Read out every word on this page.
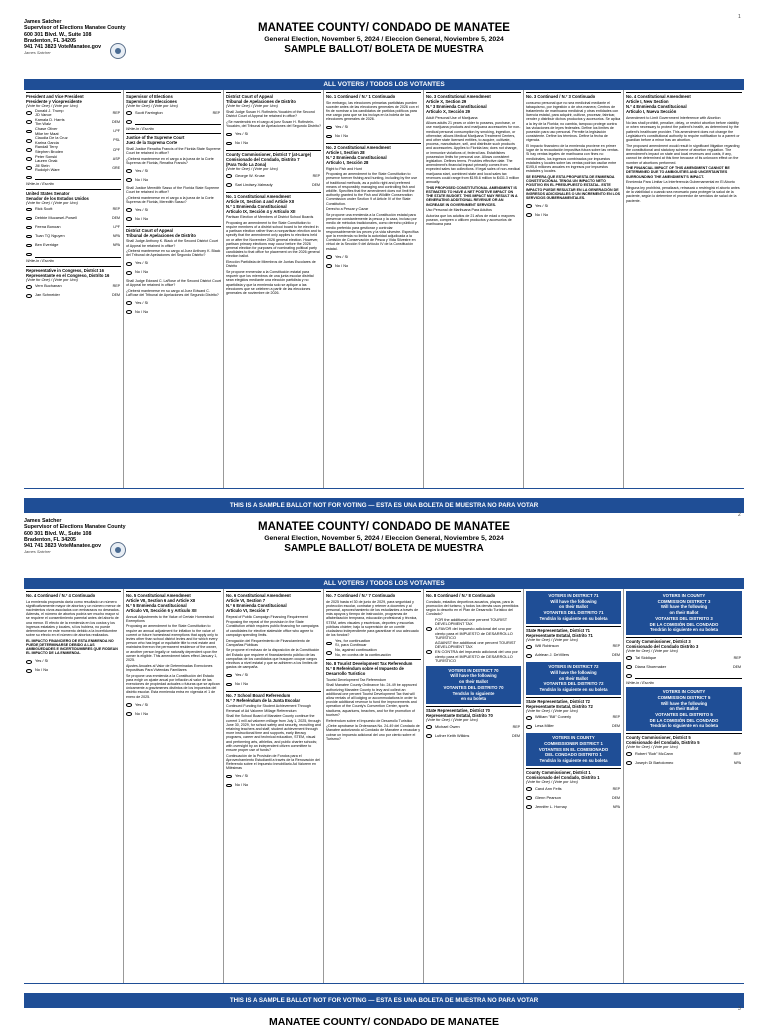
1
James Satcher
Supervisor of Elections Manatee County
600 301 Blvd. W., Suite 108
Bradenton, FL 34205
941 741 3823 VoteManatee.gov
James Satcher
MANATEE COUNTY/ CONDADO DE MANATEE
General Election, November 5, 2024 / Eleccion General, Noviembre 5, 2024
SAMPLE BALLOT/ BOLETA DE MUESTRA
ALL VOTERS / TODOS LOS VOTANTES
President and Vice President
Presidente y Vicepresidente
(Vote for One) / (Vote por Uno)
Donald J. Trump
JD Vance	REP
Kamala D. Harris
Tim Walz	DEM
Chase Oliver
Mike ter Maat	LPF
Claudia De la Cruz
Karina Garcia	PSL
Randall Terry
Stephen Broden	CPF
Peter Sonski
Lauren Onak	ASP
Jill Stein
Rudolph Ware	GRE
Write-in / Escrito
United States Senator
Senador de los Estados Unidos
(Vote for One) / (Vote por Uno)
Rick Scott	REP
Debbie Mucarsel-Powell	DEM
Feena Bonoan	LPF
Tuan TQ Nguyen	NPA
Ben Everidge	NPA
Write-in / Escrito
Representative in Congress, District 16
Representante en el Congreso, Distrito 16
(Vote for One) / (Vote por Uno)
Vern Buchanan	REP
Jan Schneider	DEM
Supervisor of Elections
Supervisor de Elecciones
(Vote for One) / (Vote por Uno)
Scott Farrington	REP
Write-in / Escrito
Justice of the Supreme Court
Juez de la Suprema Corte
Shall Justice Renatha Francis of the Florida State Supreme Court be retained in office?
¿Deberá mantenerse en el cargo a la jueza de la Corte Suprema de Florida, Renatha Francis?
Yes / Sí
No / No
Shall Justice Meredith Sasso of the Florida State Supreme Court be retained in office?
¿Deberá mantenerse en el cargo a la jueza de la Corte Suprema de Florida, Meredith Sasso?
Yes / Sí
No / No
District Court of Appeal
Tribunal de Apelaciones de Distrito
Shall Judge Anthony K. Black of the Second District Court of Appeal be retained in office?
¿Deberá mantenerse en su cargo al Juez Anthony K. Black del Tribunal de Apelaciones del Segundo Distrito?
Yes / Sí
No / No
Shall Judge Edward C. LaRose of the Second District Court of Appeal be retained in office?
¿Deberá mantenerse en su cargo al Juez Edward C. LaRose del Tribunal de Apelaciones del Segundo Distrito?
Yes / Sí
No / No
District Court of Appeal
Tribunal de Apelaciones de Distrito
(Vote for One) / (Vote por Uno)
Shall Judge Susan H. Rothstein-Youakim of the Second District Court of Appeal be retained in office?
¿Se mantendrá en el cargo al juez Susan H. Rothstein-Youakim, del Tribunal de Apelaciones del Segundo Distrito?
Yes / Sí
No / No
County Commissioner, District 7 (at-Large)
Comisionado del Condado, Distrito 7
(Para Todo La Zona)
(Vote for One) / (Vote por Uno)
George W. Kruse	REP
Sari Lindsey-Valmady	DEM
No. 1 Constitutional Amendment
Article IX, Section 4 and Article XII
N.º 1 Enmienda Constitucional
Artículo IX, Sección 4 y Artículo XII
Partisan Election of Members of District School Boards
Proposing an amendment to the State Constitution to require members of a district school board to be elected in a partisan election rather than a nonpartisan election and to specify that the amendment only applies to elections held on or after the November 2026 general election. However, partisan primary elections may occur before the 2026 general election for purposes of nominating political party candidates to that office for placement on the 2026 general election ballot.
Elección Partidista de Miembros de Juntas Escolares de Distrito
Se propone enmendar a la Constitución estatal para requerir que los miembros de una junta escolar distrital sean elegidos mediante una elección partidista y no apartidista y que la enmienda solo se aplique a las elecciones que se celebren a partir de las elecciones generales de noviembre de 2026.
No. 1 Continued / N.º 1 Continuado
Sin embargo, las elecciones primarias partidistas pueden suceder antes de las elecciones generales de 2026 con el fin de nominar a los candidatos de partidos políticos para ese cargo para que se los incluya en la boleta de las elecciones generales de 2026.
Yes / Sí
No / No
No. 2 Constitutional Amendment
Article I, Section 28
N.º 2 Enmienda Constitucional
Artículo I, Sección 28
Right to Fish and Hunt
Proposing an amendment to the State Constitution to preserve forever fishing and hunting, including by the use of traditional methods, as a public right and preferred means of responsibly managing and controlling fish and wildlife. Specifies that the amendment does not limit the authority granted to the Fish and Wildlife Conservation Commission under Section 9 of Article IV of the State Constitution.
Derecho a Pescar y Cazar
Se propone una enmienda a la Constitución estatal para preservar constantemente la pesca y la caza, incluso por medio de métodos tradicionales, como derecho público y medio preferido para gestionar y controlar responsablemente los peces y la vida silvestre. Especifica que la enmienda no limita la autoridad adjudicada a la Comisión de Conservación de Pesca y Vida Silvestre en virtud de la Sección 9 del Artículo IV de la Constitución estatal.
Yes / Sí
No / No
No. 3 Constitutional Amendment
Article X, Section 29
N.º 3 Enmienda Constitucional
Artículo X, Sección 29
Adult Personal Use of Marijuana
Allows adults 21 years or older to possess, purchase, or use marijuana products and marijuana accessories for non-medical personal consumption by smoking, ingestion, or otherwise; allows Medical Marijuana Treatment Centers, and other state licensed entities, to acquire, cultivate, process, manufacture, sell, and distribute such products and accessories. Applies to Florida law; does not change, or immunize violations of, federal law. Establishes possession limits for personal use. Allows consistent legislation. Defines terms. Provides effective date. The amendment's financial impact primarily comes from expected sales tax collections. If legal sales of non-medical marijuana start, combined state and local sales tax revenues could range from $195.6 million to $431.3 million annually.
THIS PROPOSED CONSTITUTIONAL AMENDMENT IS ESTIMATED TO HAVE A NET POSITIVE IMPACT ON THE STATE BUDGET. THIS IMPACT MAY RESULT IN A GENERATING ADDITIONAL REVENUE OR AN INCREASE IN GOVERNMENT SERVICES.
Uso Personal de Marihuana Para Adultos
Autoriza que los adultos de 21 años de edad o mayores posean, compren o utilicen productos y accesorios de marihuana para
No. 3 Continued / N.º 3 Continuado
consumo personal que no sea medicinal mediante el tabaquismo, por ingestión o de otra manera; Centros de tratamiento de marihuana medicinal y otras entidades con licencia estatal, para adquirir, cultivar, procesar, fabricar, vender y distribuir dichos productos y accesorios. Se aplica a la ley de la Florida; no cambia, tampoco protege contra las violaciones de leyes federales. Define los límites de posesión para uso personal. Permite la legislación consistente. Define los términos. Define la fecha de vigencia.
El impacto financiero de la enmienda proviene en primer lugar de la recaudación impositiva futura sobre las ventas. Si hay ventas legales de marihuana con fines no medicinales, los ingresos combinados por impuestos estatales y locales sobre las ventas podrían oscilar entre $195,6 millones anuales en ingresos por impuestos estatales y locales.
SE ESPERA QUE ESTA PROPUESTA DE ENMIENDA CONSTITUCIONAL TENGA UN IMPACTO NETO POSITIVO EN EL PRESUPUESTO ESTATAL. ESTE IMPACTO PUEDE RESULTAR EN LA GENERACIÓN DE INGRESOS ADICIONALES O UN INCREMENTO EN LOS SERVICIOS GUBERNAMENTALES.
Yes / Sí
No / No
No. 4 Constitutional Amendment
Article I, New Section
N.º 4 Enmienda Constitucional
Artículo I, Nueva Sección
Amendment to Limit Government Interference with Abortion
No law shall prohibit, penalize, delay, or restrict abortion before viability or when necessary to protect the patient's health, as determined by the patient's healthcare provider. This amendment does not change the Legislature's constitutional authority to require notification to a parent or guardian before a minor has an abortion.
The proposed amendment would result in significant litigation regarding the constitutional and statutory scheme of abortion regulation. The amendment's impact on state and local revenues and costs, if any, cannot be determined at this time because of its unknown effect on the number of abortions performed.
THE FINANCIAL IMPACT OF THIS AMENDMENT CANNOT BE DETERMINED DUE TO AMBIGUITIES AND UNCERTAINTIES SURROUNDING THE AMENDMENT'S IMPACT.
Enmienda Para Limitar La Interferencia Gubernamental en El Aborto
Ninguna ley prohibirá, penalizará, retrasará o restringirá el aborto antes de la viabilidad o cuando sea necesario para proteger la salud de la paciente, según lo determine el proveedor de servicios de salud de la paciente.
THIS IS A SAMPLE BALLOT NOT FOR VOTING — ESTA ES UNA BOLETA DE MUESTRA NO PARA VOTAR
2
James Satcher
Supervisor of Elections Manatee County
600 301 Blvd. W., Suite 108
Bradenton, FL 34205
941 741 3823 VoteManatee.gov
James Satcher
MANATEE COUNTY/ CONDADO DE MANATEE
General Election, November 5, 2024 / Eleccion General, Noviembre 5, 2024
SAMPLE BALLOT/ BOLETA DE MUESTRA
ALL VOTERS / TODOS LOS VOTANTES
No. 4 Continued / N.º 4 Continuado
La enmienda propuesta daría como resultado un número significativamente mayor de abortos y un número menor de nacimientos vivos asociados con embarazos no deseados. Además, el número de abortos podría ser mucho mayor si se requiere el consentimiento parental antes del aborto de una menor. El efecto de la enmienda en los costos y los ingresos estatales y locales, si los hubiera, no puede determinarse en este momento debido a la incertidumbre sobre su efecto en el número de abortos realizados.
EL IMPACTO FINANCIERO DE ESTA ENMIENDA NO PUEDE DETERMINARSE DEBIDO A LAS AMBIGÜEDADES E INCERTIDUMBRES QUE RODEAN EL IMPACTO DE LA ENMIENDA.
Yes / Sí
No / No
No. 5 Constitutional Amendment
Article VII, Section 6 and Article XII
N.º 5 Enmienda Constitucional
Artículo VII, Sección 6 y Artículo XII
Annual Adjustments to the Value of Certain Homestead Exemptions
Proposing an amendment to the State Constitution to require an annual adjustment for inflation to the value of current or future homestead exemptions that apply only to levies other than school district levies and for which every person who has legal or equitable title to real estate and maintains thereon the permanent residence of the owner, or another person legally or naturally dependent upon the owner is eligible. This amendment takes effect January 1, 2025.
Ajustes Anuales al Valor de Determinadas Exenciones Impositivas Para Viviendas Familiares
Se propone una enmienda a la Constitución del Estado para exigir un ajuste anual por inflación al valor de las exenciones de propiedad actuales o futuras que se aplican únicamente a gravámenes distintos de los impuestos del distrito escolar. Esta enmienda entra en vigencia el 1 de enero de 2025.
Yes / Sí
No / No
No. 6 Constitutional Amendment
Article VI, Section 7
N.º 6 Enmienda Constitucional
Artículo VI, Sección 7
Repeal of Public Campaign Financing Requirement
Proposing the repeal of the provision in the State Constitution which requires public financing for campaigns of candidates for elective statewide office who agree to campaign spending limits.
Derogación del Requerimiento de Financiamiento de Campañas Públicas
Se propone el rechazo de la disposición de la Constitución del Estado que requiere el financiamiento público de las campañas de los candidatos que busquen ocupar cargos electivos a nivel estatal y que se adhieren a los límites de gastos de campaña.
Yes / Sí
No / No
No. 7 School Board Referendum
N.º 7 Referéndum de la Junta Escolar
Continued Funding for Student Achievement Through Renewal of Ad Valorem Millage Referendum
Shall the School Board of Manatee County continue the current 1 mill ad valorem millage from July 1, 2025, through June 30, 2029, for school safety and security, recruiting and retaining teachers and staff, student achievement through more instructional time and supports, early literacy programs, career and technical education, STEM, visual and performing arts, athletics, and public charter schools; with oversight by an independent citizen committee to ensure proper use of funds?
Continuación de la Provisión de Fondos para el Aprovechamiento Estudiantil a través de la Renovación del Referendo sobre el Impuesto Inmobiliario Ad Valorem en Milésimas
Yes / Sí
No / No
No. 7 Continued / N.º 7 Continuado
de 2025 hasta el 30 de junio de 2029, para seguridad y protección escolar, contratar y retener a docentes y al personal, aprovechamiento de los estudiantes a través de más apoyos y tiempo de instrucción, programas de alfabetización temprana, educación profesional y técnica, STEM, artes visuales y escénicas, deportes y escuelas públicas chárter; bajo la supervisión de un comité ciudadano independiente para garantizar el uso adecuado de los fondos?
Yes, for continuation
Sí, para Continuar
No, against continuation
No, en contra de la continuación
No. 8 Tourist Development Tax Referendum
N.º 8 Referéndum sobre el Impuesto de Desarrollo Turístico
Tourist Development Tax Referendum
Shall Manatee County Ordinance No. 24-49 be approved authorizing Manatee County to levy and collect an additional one percent Tourist Development Tax that will allow rentals of all lodging or accommodations in order to provide additional revenue to fund the improvements and operation of the County's Convention Center, sports stadiums, aquariums, beaches, and for the promotion of tourism?
Referéndum sobre el Impuesto de Desarrollo Turístico
¿Debe aprobarse la Ordenanza No. 24-49 del Condado de Manatee autorizando al Condado de Manatee a recaudar y cobrar un impuesto adicional del uno por ciento sobre el Turismo?
No. 8 Continued / N.º 8 Continuado
Condado, estadios deportivos acuarios, playas, para la promoción del turismo, y todos los demás usos permitidos según lo descrito en el Plan de Desarrollo Turístico del Condado?
FOR the additional one percent TOURIST DEVELOPMENT TAX
A FAVOR del impuesto adicional del uno por ciento para el IMPUESTO de DESARROLLO TURÍSTICO
AGAINST the additional one percent TOURIST DEVELOPMENT TAX
EN CONTRA del impuesto adicional del uno por ciento para el IMPUESTO de DESARROLLO TURÍSTICO
VOTERS IN DISTRICT 70
Will have the following
on their Ballot
VOTANTES DEL DISTRITO 70
Tendrán lo siguiente
en su boleta
State Representative, District 70
Representante Estatal, Distrito 70
(Vote for One) / (Vote por Uno)
Michael Owen	REP
Luther Keith Wilkins	DEM
VOTERS IN DISTRICT 71
Will have the following
on their Ballot
VOTANTES DEL DISTRITO 71
Tendrán lo siguiente en su boleta
State Representative, District 71
Representante Estatal, Distrito 71
(Vote for One) / (Vote por Uno)
Will Robinson	REP
Adriean J. DeVillers	DEM
VOTERS IN DISTRICT 72
Will have the following
on their Ballot
VOTANTES DEL DISTRITO 72
Tendrán lo siguiente en su boleta
State Representative, District 72
Representante Estatal, Distrito 72
(Vote for One) / (Vote por Uno)
William "Bill" Conerly	REP
Lesa Miller	DEM
VOTERS IN COUNTY
COMMISSIONER DISTRICT 1
VOTANTES EN EL COMISIONADO
DEL CONDADO DISTRITO 1
Tendrán lo siguiente en su boleta
County Commissioner, District 1
Comisionado del Condado, Distrito 1
(Vote for One) / (Vote por Uno)
Carol Ann Felts	REP
Glenn Pearson	DEM
Jennifer L. Hornay	NPA
VOTERS IN COUNTY
COMMISSION DISTRICT 3
Will have the following
on their Ballot
VOTANTES DEL DISTRITO 3
DE LA COMISIÓN DEL CONDADO
Tendrán lo siguiente en su boleta
County Commissioner, District 3
Comisionado del Condado Distrito 3
(Vote for One) / (Vote por Uno)
Tal Siddique	REP
Diana Shoemaker	DEM
Write-in / Escrito
VOTERS IN COUNTY
COMMISSION DISTRICT 5
Will have the following
on their Ballot
VOTANTES DEL DISTRITO 5
DE LA COMISIÓN DEL CONDADO
Tendrán lo siguiente en su boleta
County Commissioner, District 5
Comisionado del Condado, Distrito 5
(Vote for One) / (Vote por Uno)
Robert "Bob" McCann	REP
Joseph Di Bartolomeo	NPA
THIS IS A SAMPLE BALLOT NOT FOR VOTING — ESTA ES UNA BOLETA DE MUESTRA NO PARA VOTAR
3
MANATEE COUNTY/ CONDADO DE MANATEE
